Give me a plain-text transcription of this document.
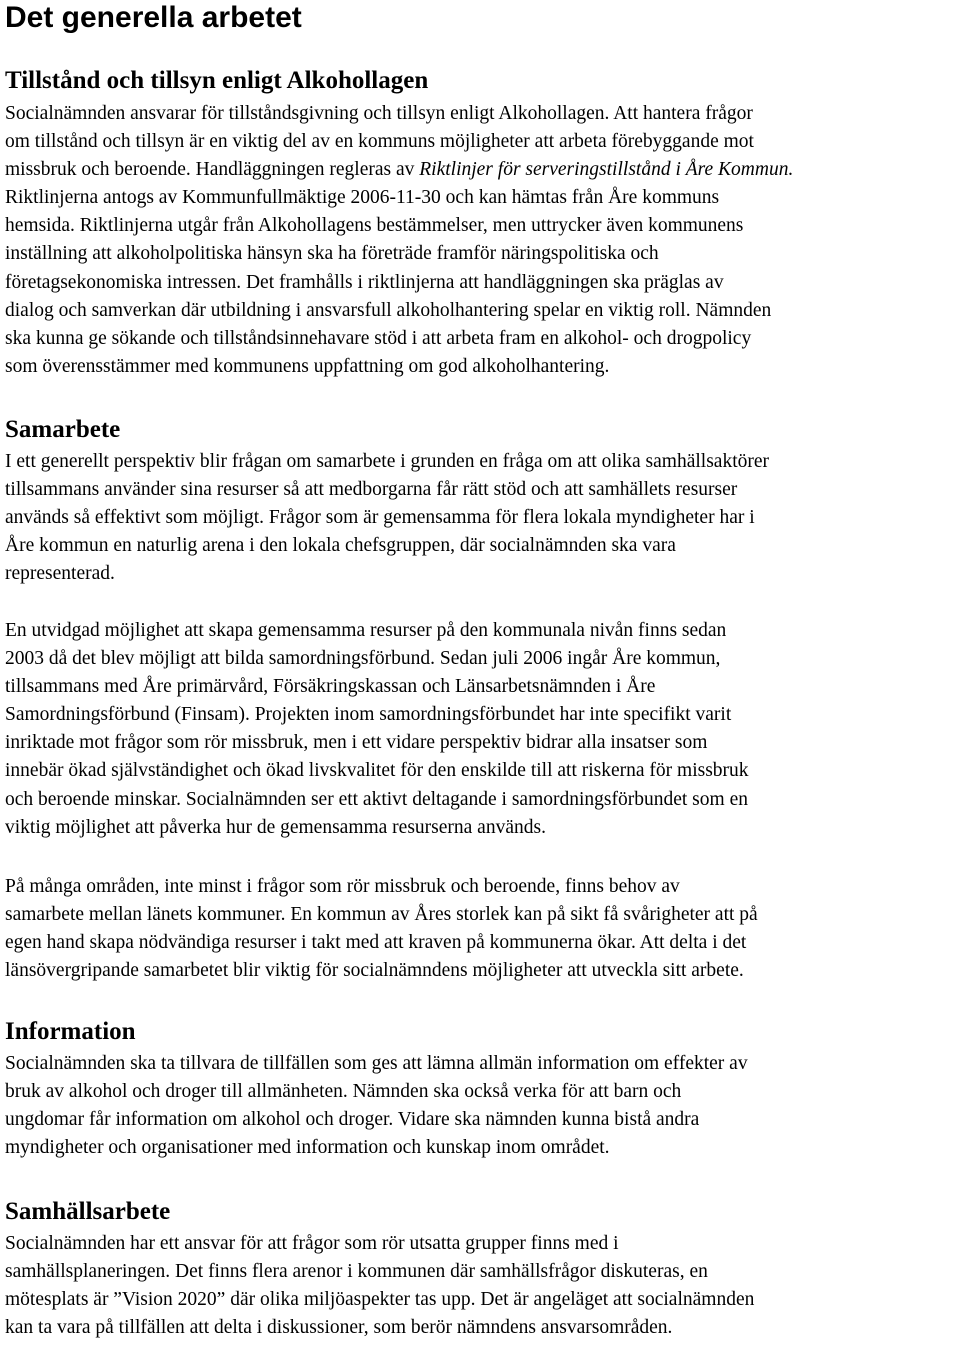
Det generella arbetet
Tillstånd och tillsyn enligt Alkohollagen
Socialnämnden ansvarar för tillståndsgivning och tillsyn enligt Alkohollagen. Att hantera frågor
om tillstånd och tillsyn är en viktig del av en kommuns möjligheter att arbeta förebyggande mot
missbruk och beroende. Handläggningen regleras av Riktlinjer för serveringstillstånd i Åre Kommun.
Riktlinjerna antogs av Kommunfullmäktige 2006-11-30 och kan hämtas från Åre kommuns
hemsida. Riktlinjerna utgår från Alkohollagens bestämmelser, men uttrycker även kommunens
inställning att alkoholpolitiska hänsyn ska ha företräde framför näringspolitiska och
företagsekonomiska intressen. Det framhålls i riktlinjerna att handläggningen ska präglas av
dialog och samverkan där utbildning i ansvarsfull alkoholhantering spelar en viktig roll. Nämnden
ska kunna ge sökande och tillståndsinnehavare stöd i att arbeta fram en alkohol- och drogpolicy
som överensstämmer med kommunens uppfattning om god alkoholhantering.
Samarbete
I ett generellt perspektiv blir frågan om samarbete i grunden en fråga om att olika samhällsaktörer
tillsammans använder sina resurser så att medborgarna får rätt stöd och att samhällets resurser
används så effektivt som möjligt. Frågor som är gemensamma för flera lokala myndigheter har i
Åre kommun en naturlig arena i den lokala chefsgruppen, där socialnämnden ska vara
representerad.
En utvidgad möjlighet att skapa gemensamma resurser på den kommunala nivån finns sedan
2003 då det blev möjligt att bilda samordningsförbund. Sedan juli 2006 ingår Åre kommun,
tillsammans med Åre primärvård, Försäkringskassan och Länsarbetsnämnden i Åre
Samordningsförbund (Finsam). Projekten inom samordningsförbundet har inte specifikt varit
inriktade mot frågor som rör missbruk, men i ett vidare perspektiv bidrar alla insatser som
innebär ökad självständighet och ökad livskvalitet för den enskilde till att riskerna för missbruk
och beroende minskar. Socialnämnden ser ett aktivt deltagande i samordningsförbundet som en
viktig möjlighet att påverka hur de gemensamma resurserna används.
På många områden, inte minst i frågor som rör missbruk och beroende, finns behov av
samarbete mellan länets kommuner. En kommun av Åres storlek kan på sikt få svårigheter att på
egen hand skapa nödvändiga resurser i takt med att kraven på kommunerna ökar. Att delta i det
länsövergripande samarbetet blir viktig för socialnämndens möjligheter att utveckla sitt arbete.
Information
Socialnämnden ska ta tillvara de tillfällen som ges att lämna allmän information om effekter av
bruk av alkohol och droger till allmänheten. Nämnden ska också verka för att barn och
ungdomar får information om alkohol och droger. Vidare ska nämnden kunna bistå andra
myndigheter och organisationer med information och kunskap inom området.
Samhällsarbete
Socialnämnden har ett ansvar för att frågor som rör utsatta grupper finns med i
samhällsplaneringen. Det finns flera arenor i kommunen där samhällsfrågor diskuteras, en
mötesplats är ”Vision 2020” där olika miljöaspekter tas upp. Det är angeläget att socialnämnden
kan ta vara på tillfällen att delta i diskussioner, som berör nämndens ansvarsområden.
